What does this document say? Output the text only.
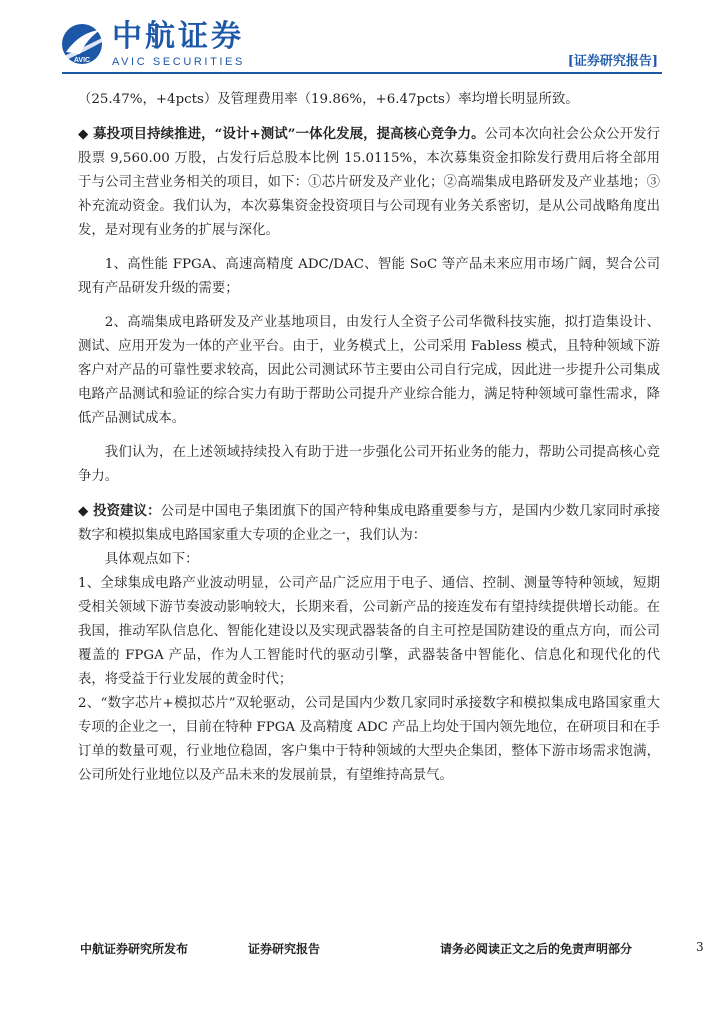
AVIC
中航证券
AVIC SECURITIES	[证券研究报告]

（25.47%，+4pcts）及管理费用率（19.86%，+6.47pcts）率均增长明显所致。

◆ 募投项目持续推进，“设计+测试”一体化发展，提高核心竞争力。公司本次向社会公众公开发行股票 9,560.00 万股，占发行后总股本比例 15.0115%，本次募集资金扣除发行费用后将全部用于与公司主营业务相关的项目，如下：①芯片研发及产业化；②高端集成电路研发及产业基地；③补充流动资金。我们认为，本次募集资金投资项目与公司现有业务关系密切，是从公司战略角度出发，是对现有业务的扩展与深化。

1、高性能 FPGA、高速高精度 ADC/DAC、智能 SoC 等产品未来应用市场广阔，契合公司现有产品研发升级的需要；

2、高端集成电路研发及产业基地项目，由发行人全资子公司华微科技实施，拟打造集设计、测试、应用开发为一体的产业平台。由于，业务模式上，公司采用 Fabless 模式，且特种领域下游客户对产品的可靠性要求较高，因此公司测试环节主要由公司自行完成，因此进一步提升公司集成电路产品测试和验证的综合实力有助于帮助公司提升产业综合能力，满足特种领域可靠性需求，降低产品测试成本。

我们认为，在上述领域持续投入有助于进一步强化公司开拓业务的能力，帮助公司提高核心竞争力。

◆ 投资建议：公司是中国电子集团旗下的国产特种集成电路重要参与方，是国内少数几家同时承接数字和模拟集成电路国家重大专项的企业之一，我们认为：

具体观点如下：

1、全球集成电路产业波动明显，公司产品广泛应用于电子、通信、控制、测量等特种领域，短期受相关领域下游节奏波动影响较大，长期来看，公司新产品的接连发布有望持续提供增长动能。在我国，推动军队信息化、智能化建设以及实现武器装备的自主可控是国防建设的重点方向，而公司覆盖的 FPGA 产品，作为人工智能时代的驱动引擎，武器装备中智能化、信息化和现代化的代表，将受益于行业发展的黄金时代；

2、“数字芯片+模拟芯片”双轮驱动，公司是国内少数几家同时承接数字和模拟集成电路国家重大专项的企业之一，目前在特种 FPGA 及高精度 ADC 产品上均处于国内领先地位，在研项目和在手订单的数量可观，行业地位稳固，客户集中于特种领域的大型央企集团，整体下游市场需求饱满，公司所处行业地位以及产品未来的发展前景，有望维持高景气。

中航证券研究所发布	证券研究报告	请务必阅读正文之后的免责声明部分	3
